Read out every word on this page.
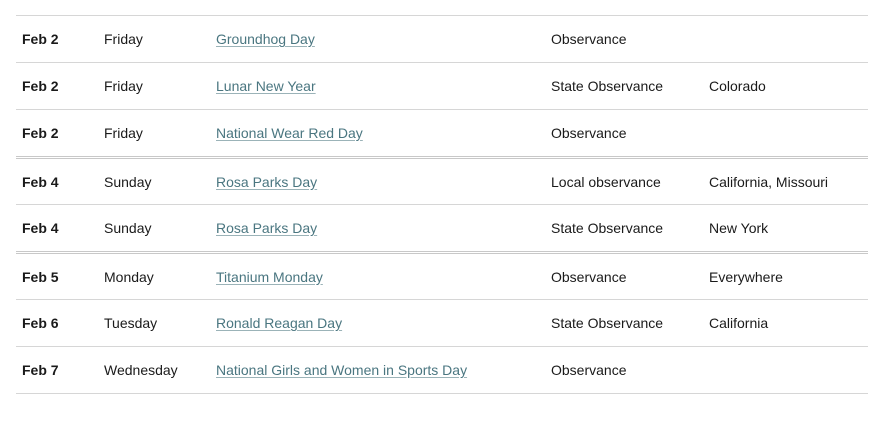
Feb 2	Friday	Groundhog Day	Observance	
Feb 2	Friday	Lunar New Year	State Observance	Colorado
Feb 2	Friday	National Wear Red Day	Observance	
Feb 4	Sunday	Rosa Parks Day	Local observance	California, Missouri
Feb 4	Sunday	Rosa Parks Day	State Observance	New York
Feb 5	Monday	Titanium Monday	Observance	Everywhere
Feb 6	Tuesday	Ronald Reagan Day	State Observance	California
Feb 7	Wednesday	National Girls and Women in Sports Day	Observance	
